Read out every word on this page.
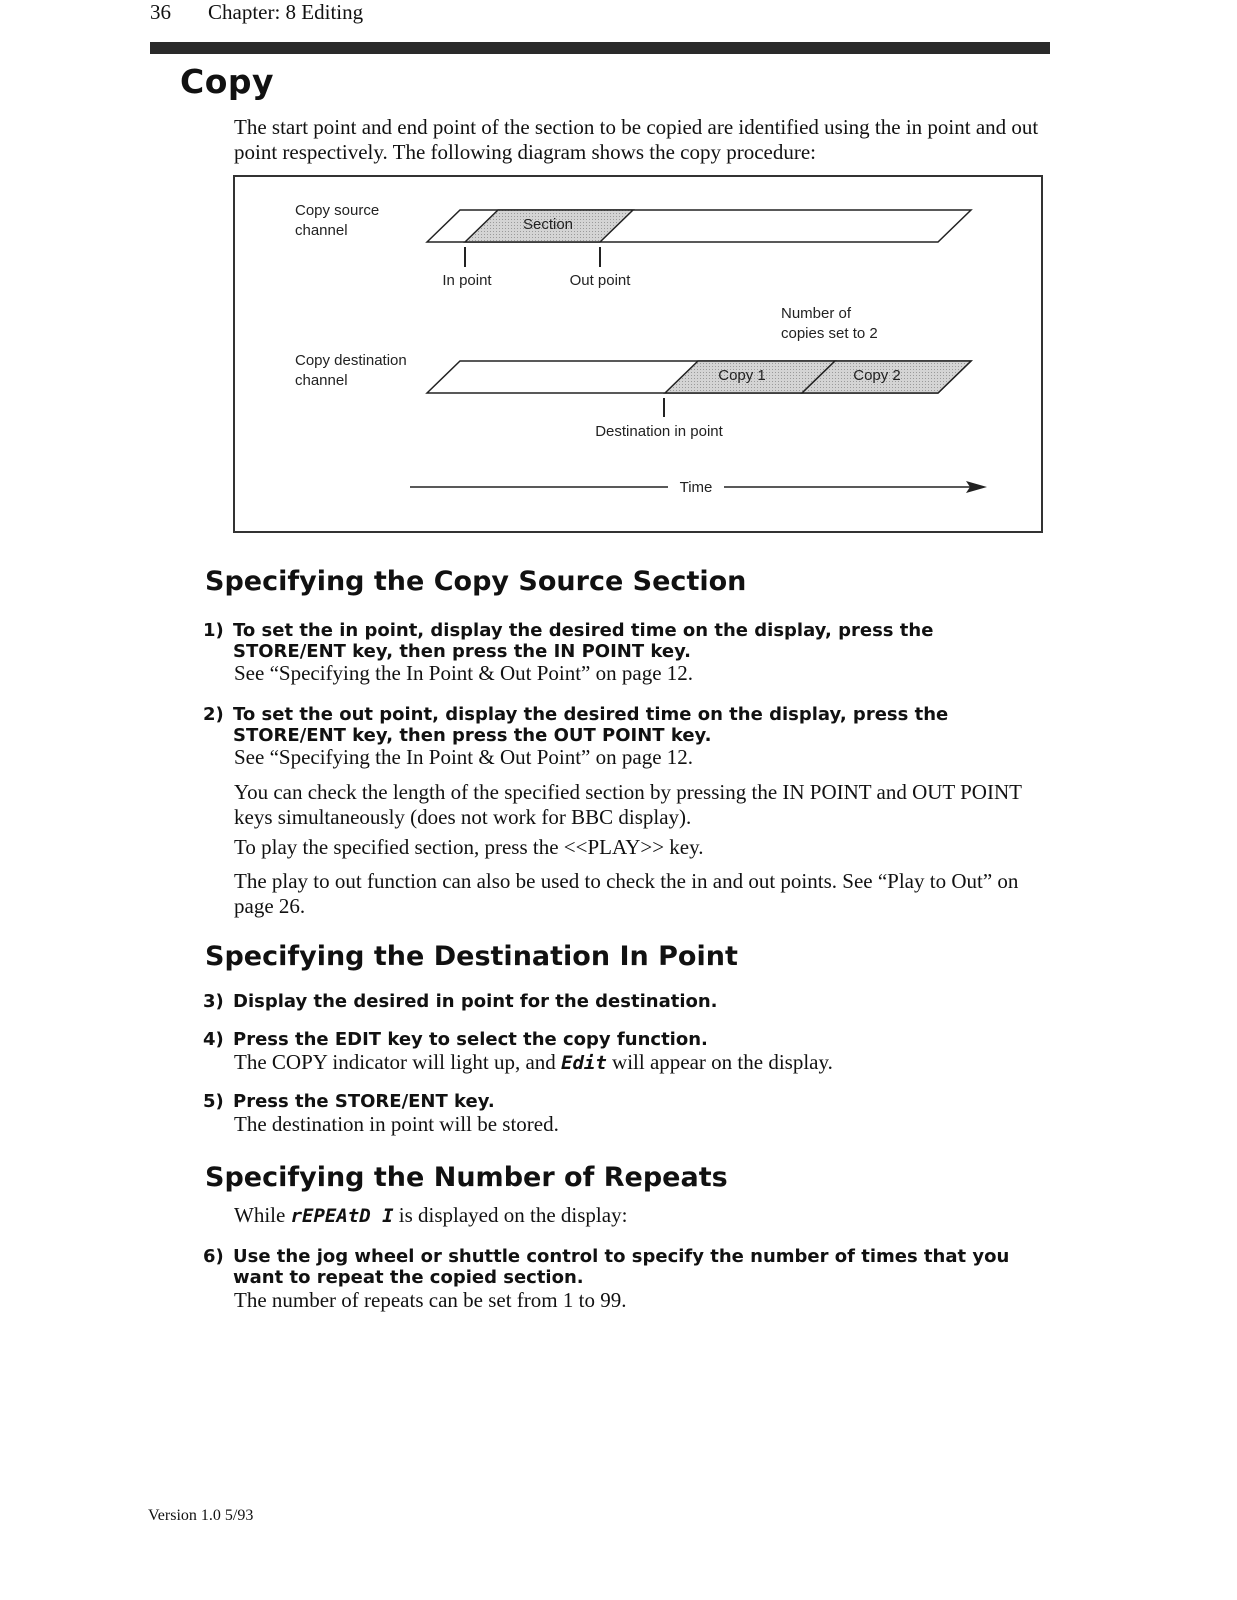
36 Chapter: 8 Editing
Copy
The start point and end point of the section to be copied are identified using the in point and out point respectively. The following diagram shows the copy procedure:
Copy source
channel	Section
In point	Out point
Number of
copies set to 2
Copy destination
channel	Copy 1	Copy 2
Destination in point
Time
Specifying the Copy Source Section
1) To set the in point, display the desired time on the display, press the STORE/ENT key, then press the IN POINT key.
See “Specifying the In Point & Out Point” on page 12.
2) To set the out point, display the desired time on the display, press the STORE/ENT key, then press the OUT POINT key.
See “Specifying the In Point & Out Point” on page 12.
You can check the length of the specified section by pressing the IN POINT and OUT POINT keys simultaneously (does not work for BBC display).
To play the specified section, press the <<PLAY>> key.
The play to out function can also be used to check the in and out points. See “Play to Out” on page 26.
Specifying the Destination In Point
3) Display the desired in point for the destination.
4) Press the EDIT key to select the copy function.
The COPY indicator will light up, and Edit will appear on the display.
5) Press the STORE/ENT key.
The destination in point will be stored.
Specifying the Number of Repeats
While rEPEAtD I is displayed on the display:
6) Use the jog wheel or shuttle control to specify the number of times that you want to repeat the copied section.
The number of repeats can be set from 1 to 99.
Version 1.0 5/93
